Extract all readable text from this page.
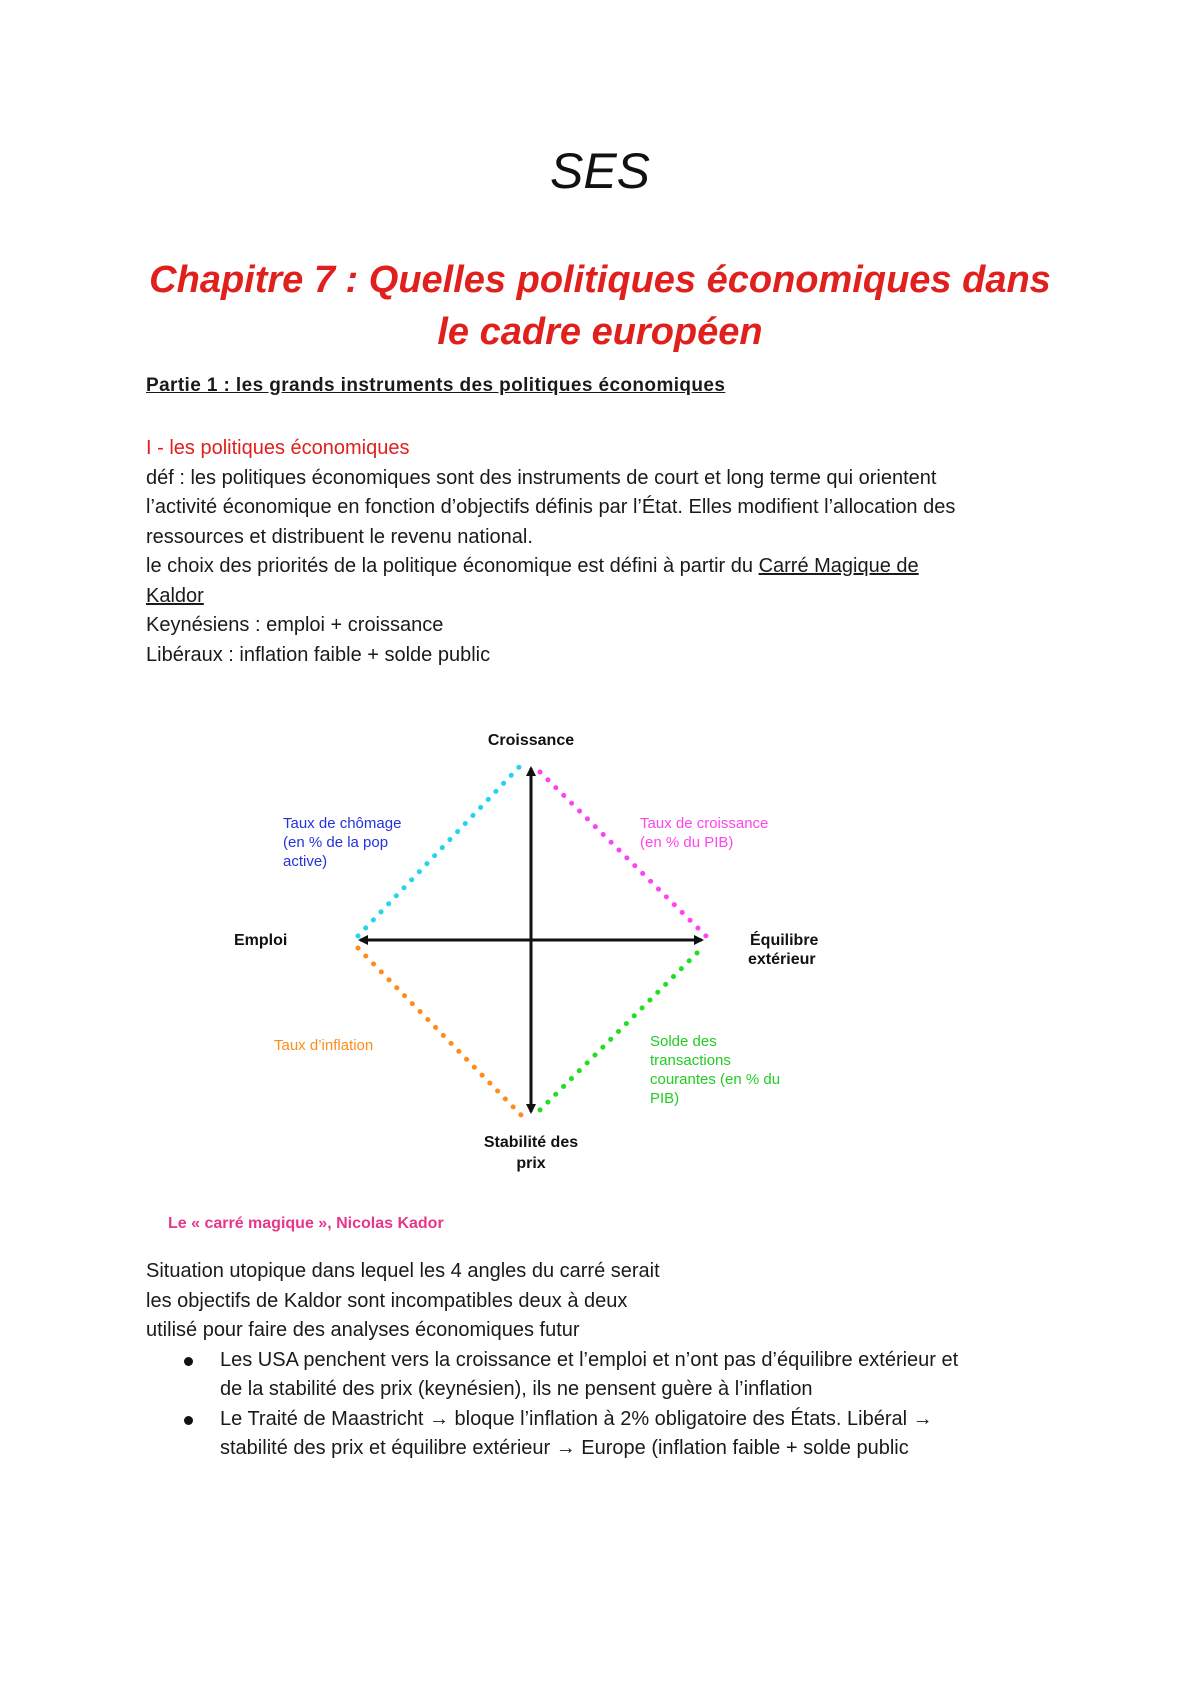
SES
Chapitre 7 : Quelles politiques économiques dans
le cadre européen
Partie 1 : les grands instruments des politiques économiques
I - les politiques économiques
déf : les politiques économiques sont des instruments de court et long terme qui orientent
l’activité économique en fonction d’objectifs définis par l’État. Elles modifient l’allocation des
ressources et distribuent le revenu national.
le choix des priorités de la politique économique est défini à partir du Carré Magique de
Kaldor
Keynésiens : emploi + croissance
Libéraux : inflation faible + solde public
Croissance
Emploi	Équilibre
extérieur
Stabilité des
prix
Taux de chômage
(en % de la pop
active)
Taux de croissance
(en % du PIB)
Taux d’inflation	Solde des
transactions
courantes (en % du
PIB)
Le « carré magique », Nicolas Kador
Situation utopique dans lequel les 4 angles du carré serait
les objectifs de Kaldor sont incompatibles deux à deux
utilisé pour faire des analyses économiques futur
Les USA penchent vers la croissance et l’emploi et n’ont pas d’équilibre extérieur et
de la stabilité des prix (keynésien), ils ne pensent guère à l’inflation
Le Traité de Maastricht → bloque l’inflation à 2% obligatoire des États. Libéral →
stabilité des prix et équilibre extérieur → Europe (inflation faible + solde public
